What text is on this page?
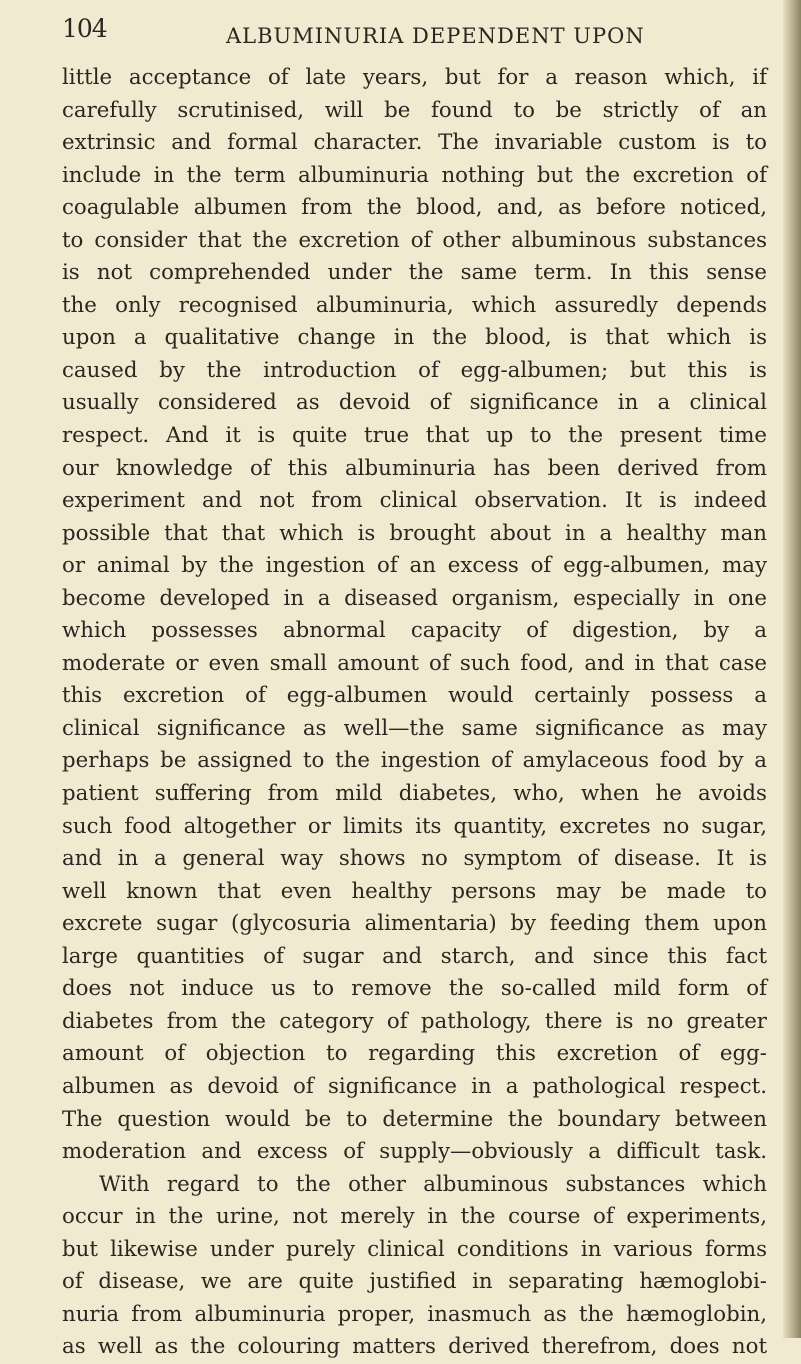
104	ALBUMINURIA DEPENDENT UPON
little acceptance of late years, but for a reason which, if
carefully scrutinised, will be found to be strictly of an
extrinsic and formal character. The invariable custom is to
include in the term albuminuria nothing but the excretion of
coagulable albumen from the blood, and, as before noticed,
to consider that the excretion of other albuminous substances
is not comprehended under the same term. In this sense
the only recognised albuminuria, which assuredly depends
upon a qualitative change in the blood, is that which is
caused by the introduction of egg-albumen; but this is
usually considered as devoid of significance in a clinical
respect. And it is quite true that up to the present time
our knowledge of this albuminuria has been derived from
experiment and not from clinical observation. It is indeed
possible that that which is brought about in a healthy man
or animal by the ingestion of an excess of egg-albumen, may
become developed in a diseased organism, especially in one
which possesses abnormal capacity of digestion, by a
moderate or even small amount of such food, and in that case
this excretion of egg-albumen would certainly possess a
clinical significance as well—the same significance as may
perhaps be assigned to the ingestion of amylaceous food by a
patient suffering from mild diabetes, who, when he avoids
such food altogether or limits its quantity, excretes no sugar,
and in a general way shows no symptom of disease. It is
well known that even healthy persons may be made to
excrete sugar (glycosuria alimentaria) by feeding them upon
large quantities of sugar and starch, and since this fact
does not induce us to remove the so-called mild form of
diabetes from the category of pathology, there is no greater
amount of objection to regarding this excretion of egg-
albumen as devoid of significance in a pathological respect.
The question would be to determine the boundary between
moderation and excess of supply—obviously a difficult task.
With regard to the other albuminous substances which
occur in the urine, not merely in the course of experiments,
but likewise under purely clinical conditions in various forms
of disease, we are quite justified in separating hæmoglobi-
nuria from albuminuria proper, inasmuch as the hæmoglobin,
as well as the colouring matters derived therefrom, does not
